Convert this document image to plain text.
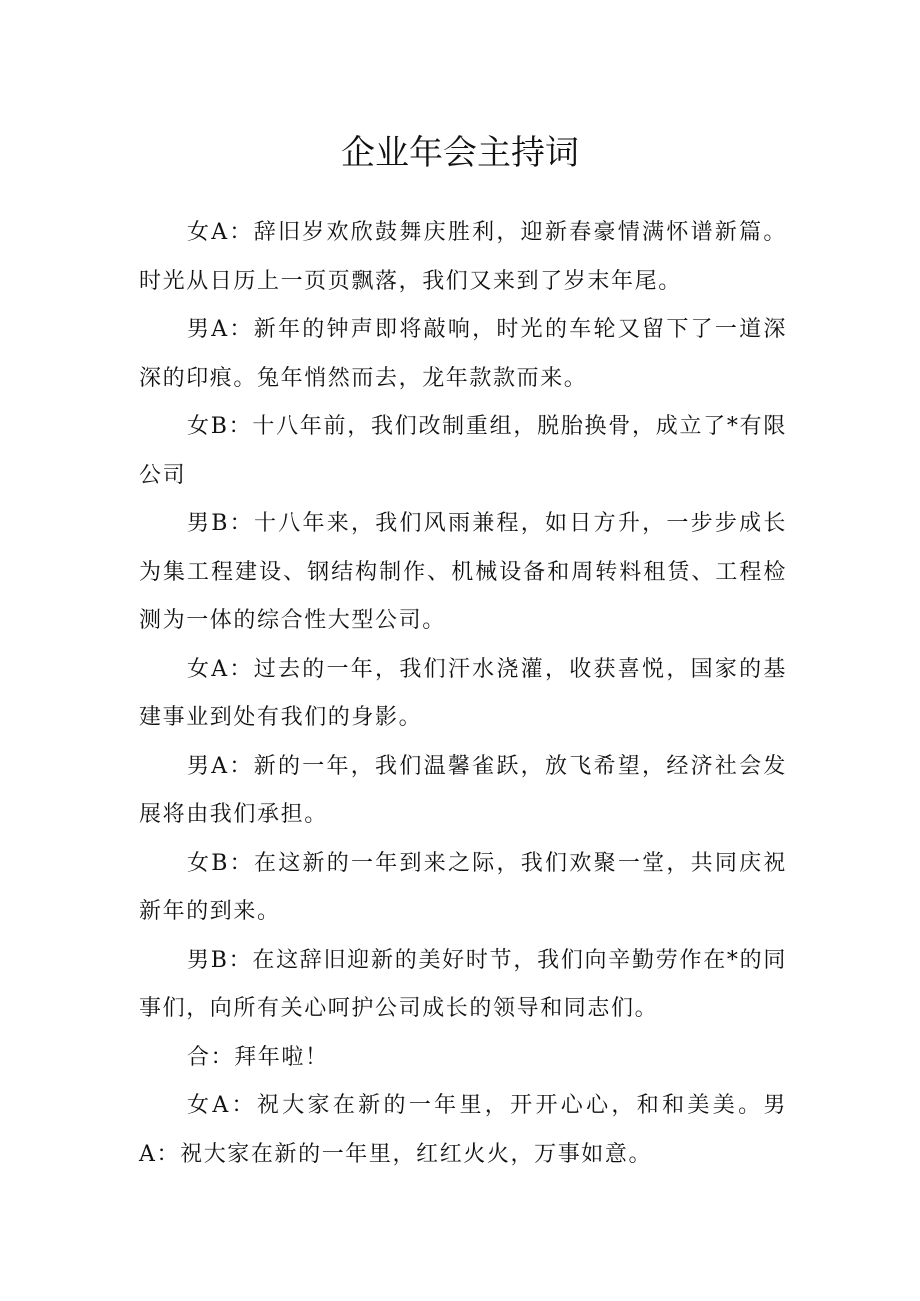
企业年会主持词

女A：辞旧岁欢欣鼓舞庆胜利，迎新春豪情满怀谱新篇。时光从日历上一页页飘落，我们又来到了岁末年尾。

男A：新年的钟声即将敲响，时光的车轮又留下了一道深深的印痕。兔年悄然而去，龙年款款而来。

女B：十八年前，我们改制重组，脱胎换骨，成立了*有限公司

男B：十八年来，我们风雨兼程，如日方升，一步步成长为集工程建设、钢结构制作、机械设备和周转料租赁、工程检测为一体的综合性大型公司。

女A：过去的一年，我们汗水浇灌，收获喜悦，国家的基建事业到处有我们的身影。

男A：新的一年，我们温馨雀跃，放飞希望，经济社会发展将由我们承担。

女B：在这新的一年到来之际，我们欢聚一堂，共同庆祝新年的到来。

男B：在这辞旧迎新的美好时节，我们向辛勤劳作在*的同事们，向所有关心呵护公司成长的领导和同志们。

合：拜年啦！

女A：祝大家在新的一年里，开开心心，和和美美。男A：祝大家在新的一年里，红红火火，万事如意。
